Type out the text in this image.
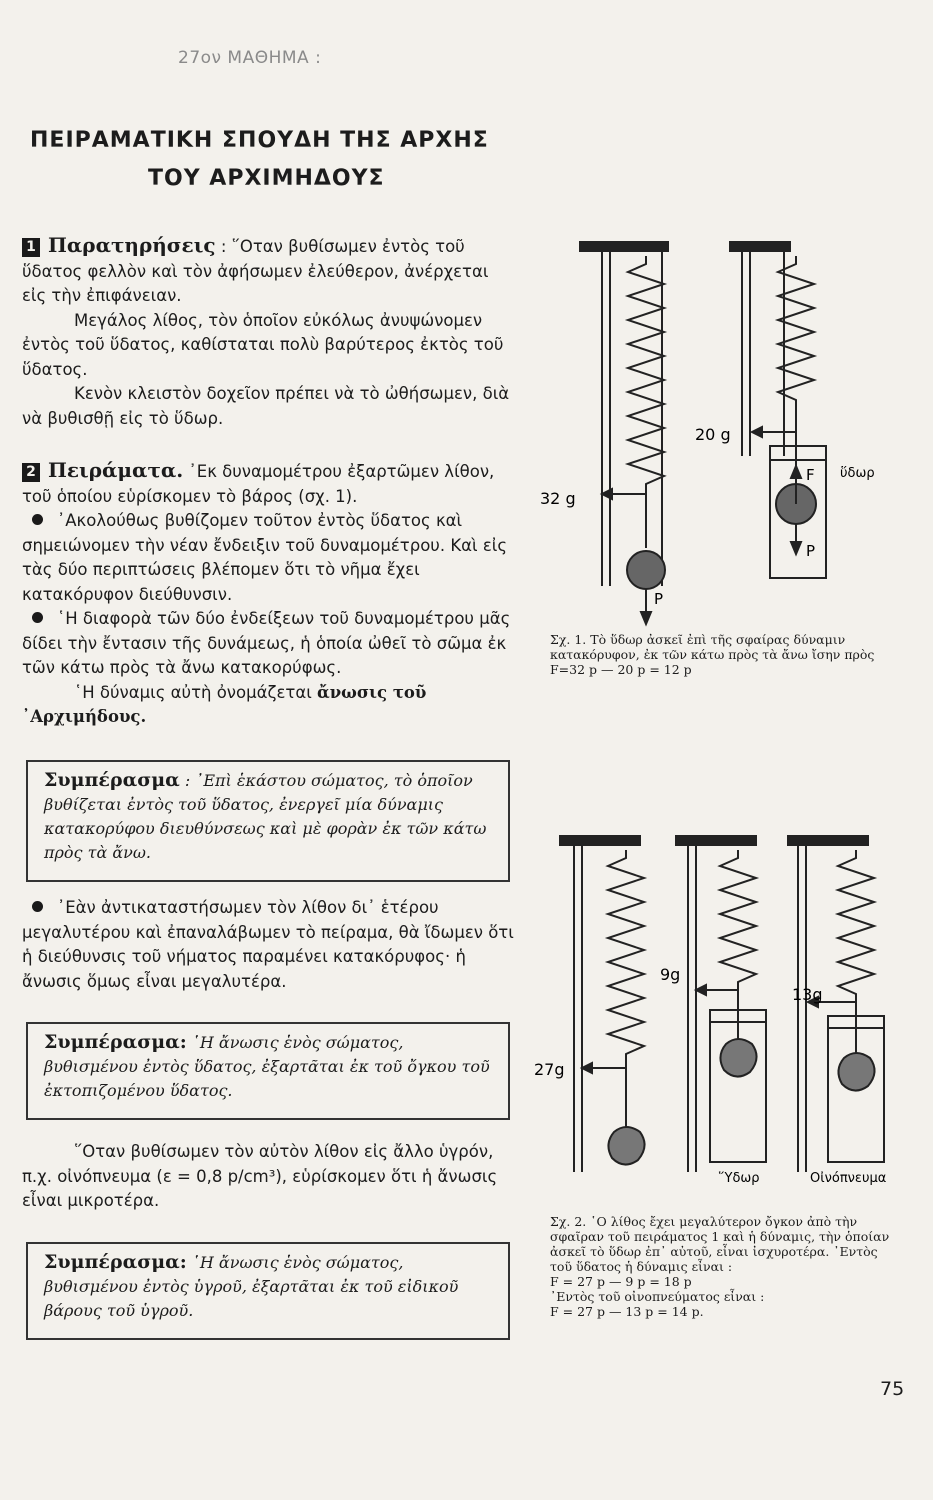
27ον ΜΑΘΗΜΑ :
ΠΕΙΡΑΜΑΤΙΚΗ ΣΠΟΥΔΗ ΤΗΣ ΑΡΧΗΣ
ΤΟΥ ΑΡΧΙΜΗΔΟΥΣ

1 Παρατηρήσεις : ῞Οταν βυθίσωμεν ἐντὸς τοῦ ὕδατος φελλὸν καὶ τὸν ἀφήσωμεν ἐλεύθερον, ἀνέρχεται εἰς τὴν ἐπιφάνειαν.

Μεγάλος λίθος, τὸν ὁποῖον εὐκόλως ἀνυψώνομεν ἐντὸς τοῦ ὕδατος, καθίσταται πολὺ βαρύτερος ἐκτὸς τοῦ ὕδατος.

Κενὸν κλειστὸν δοχεῖον πρέπει νὰ τὸ ὠθήσωμεν, διὰ νὰ βυθισθῇ εἰς τὸ ὕδωρ.

2 Πειράματα. ᾿Εκ δυναμομέτρου ἐξαρτῶμεν λίθον, τοῦ ὁποίου εὑρίσκομεν τὸ βάρος (σχ. 1).

᾿Ακολούθως βυθίζομεν τοῦτον ἐντὸς ὕδατος καὶ σημειώνομεν τὴν νέαν ἔνδειξιν τοῦ δυναμομέτρου. Καὶ εἰς τὰς δύο περιπτώσεις βλέπομεν ὅτι τὸ νῆμα ἔχει κατακόρυφον διεύθυνσιν.

῾Η διαφορὰ τῶν δύο ἐνδείξεων τοῦ δυναμομέτρου μᾶς δίδει τὴν ἔντασιν τῆς δυνάμεως, ἡ ὁποία ὠθεῖ τὸ σῶμα ἐκ τῶν κάτω πρὸς τὰ ἄνω κατακορύφως.

῾Η δύναμις αὐτὴ ὀνομάζεται ἄνωσις τοῦ ᾿Αρχιμήδους.

Συμπέρασμα : ᾿Επὶ ἑκάστου σώματος, τὸ ὁποῖον βυθίζεται ἐντὸς τοῦ ὕδατος, ἐνεργεῖ μία δύναμις κατακορύφου διευθύνσεως καὶ μὲ φορὰν ἐκ τῶν κάτω πρὸς τὰ ἄνω.

᾿Εὰν ἀντικαταστήσωμεν τὸν λίθον δι᾿ ἑτέρου μεγαλυτέρου καὶ ἐπαναλάβωμεν τὸ πείραμα, θὰ ἴδωμεν ὅτι ἡ διεύθυνσις τοῦ νήματος παραμένει κατακόρυφος· ἡ ἄνωσις ὅμως εἶναι μεγαλυτέρα.

Συμπέρασμα: ῾Η ἄνωσις ἑνὸς σώματος, βυθισμένου ἐντὸς ὕδατος, ἐξαρτᾶται ἐκ τοῦ ὄγκου τοῦ ἐκτοπιζομένου ὕδατος.

῞Οταν βυθίσωμεν τὸν αὐτὸν λίθον εἰς ἄλλο ὑγρόν, π.χ. οἰνόπνευμα (ε = 0,8 p/cm³), εὑρίσκομεν ὅτι ἡ ἄνωσις εἶναι μικροτέρα.

Συμπέρασμα: ῾Η ἄνωσις ἑνὸς σώματος, βυθισμένου ἐντὸς ὑγροῦ, ἐξαρτᾶται ἐκ τοῦ εἰδικοῦ βάρους τοῦ ὑγροῦ.
32 g
20 g
P
P
F ὕδωρ
Σχ. 1. Τὸ ὕδωρ ἀσκεῖ ἐπὶ τῆς σφαίρας δύναμιν κατακόρυφον, ἐκ τῶν κάτω πρὸς τὰ ἄνω ἴσην πρὸς F=32 p — 20 p = 12 p
27g
9g
13g
῞Υδωρ	Οἰνόπνευμα
Σχ. 2. ῾Ο λίθος ἔχει μεγαλύτερον ὄγκον ἀπὸ τὴν σφαῖραν τοῦ πειράματος 1 καὶ ἡ δύναμις, τὴν ὁποίαν ἀσκεῖ τὸ ὕδωρ ἐπ᾿ αὐτοῦ, εἶναι ἰσχυροτέρα. ᾿Εντὸς τοῦ ὕδατος ἡ δύναμις εἶναι :
F = 27 p — 9 p = 18 p
᾿Εντὸς τοῦ οἰνοπνεύματος εἶναι :
F = 27 p — 13 p = 14 p.
75
